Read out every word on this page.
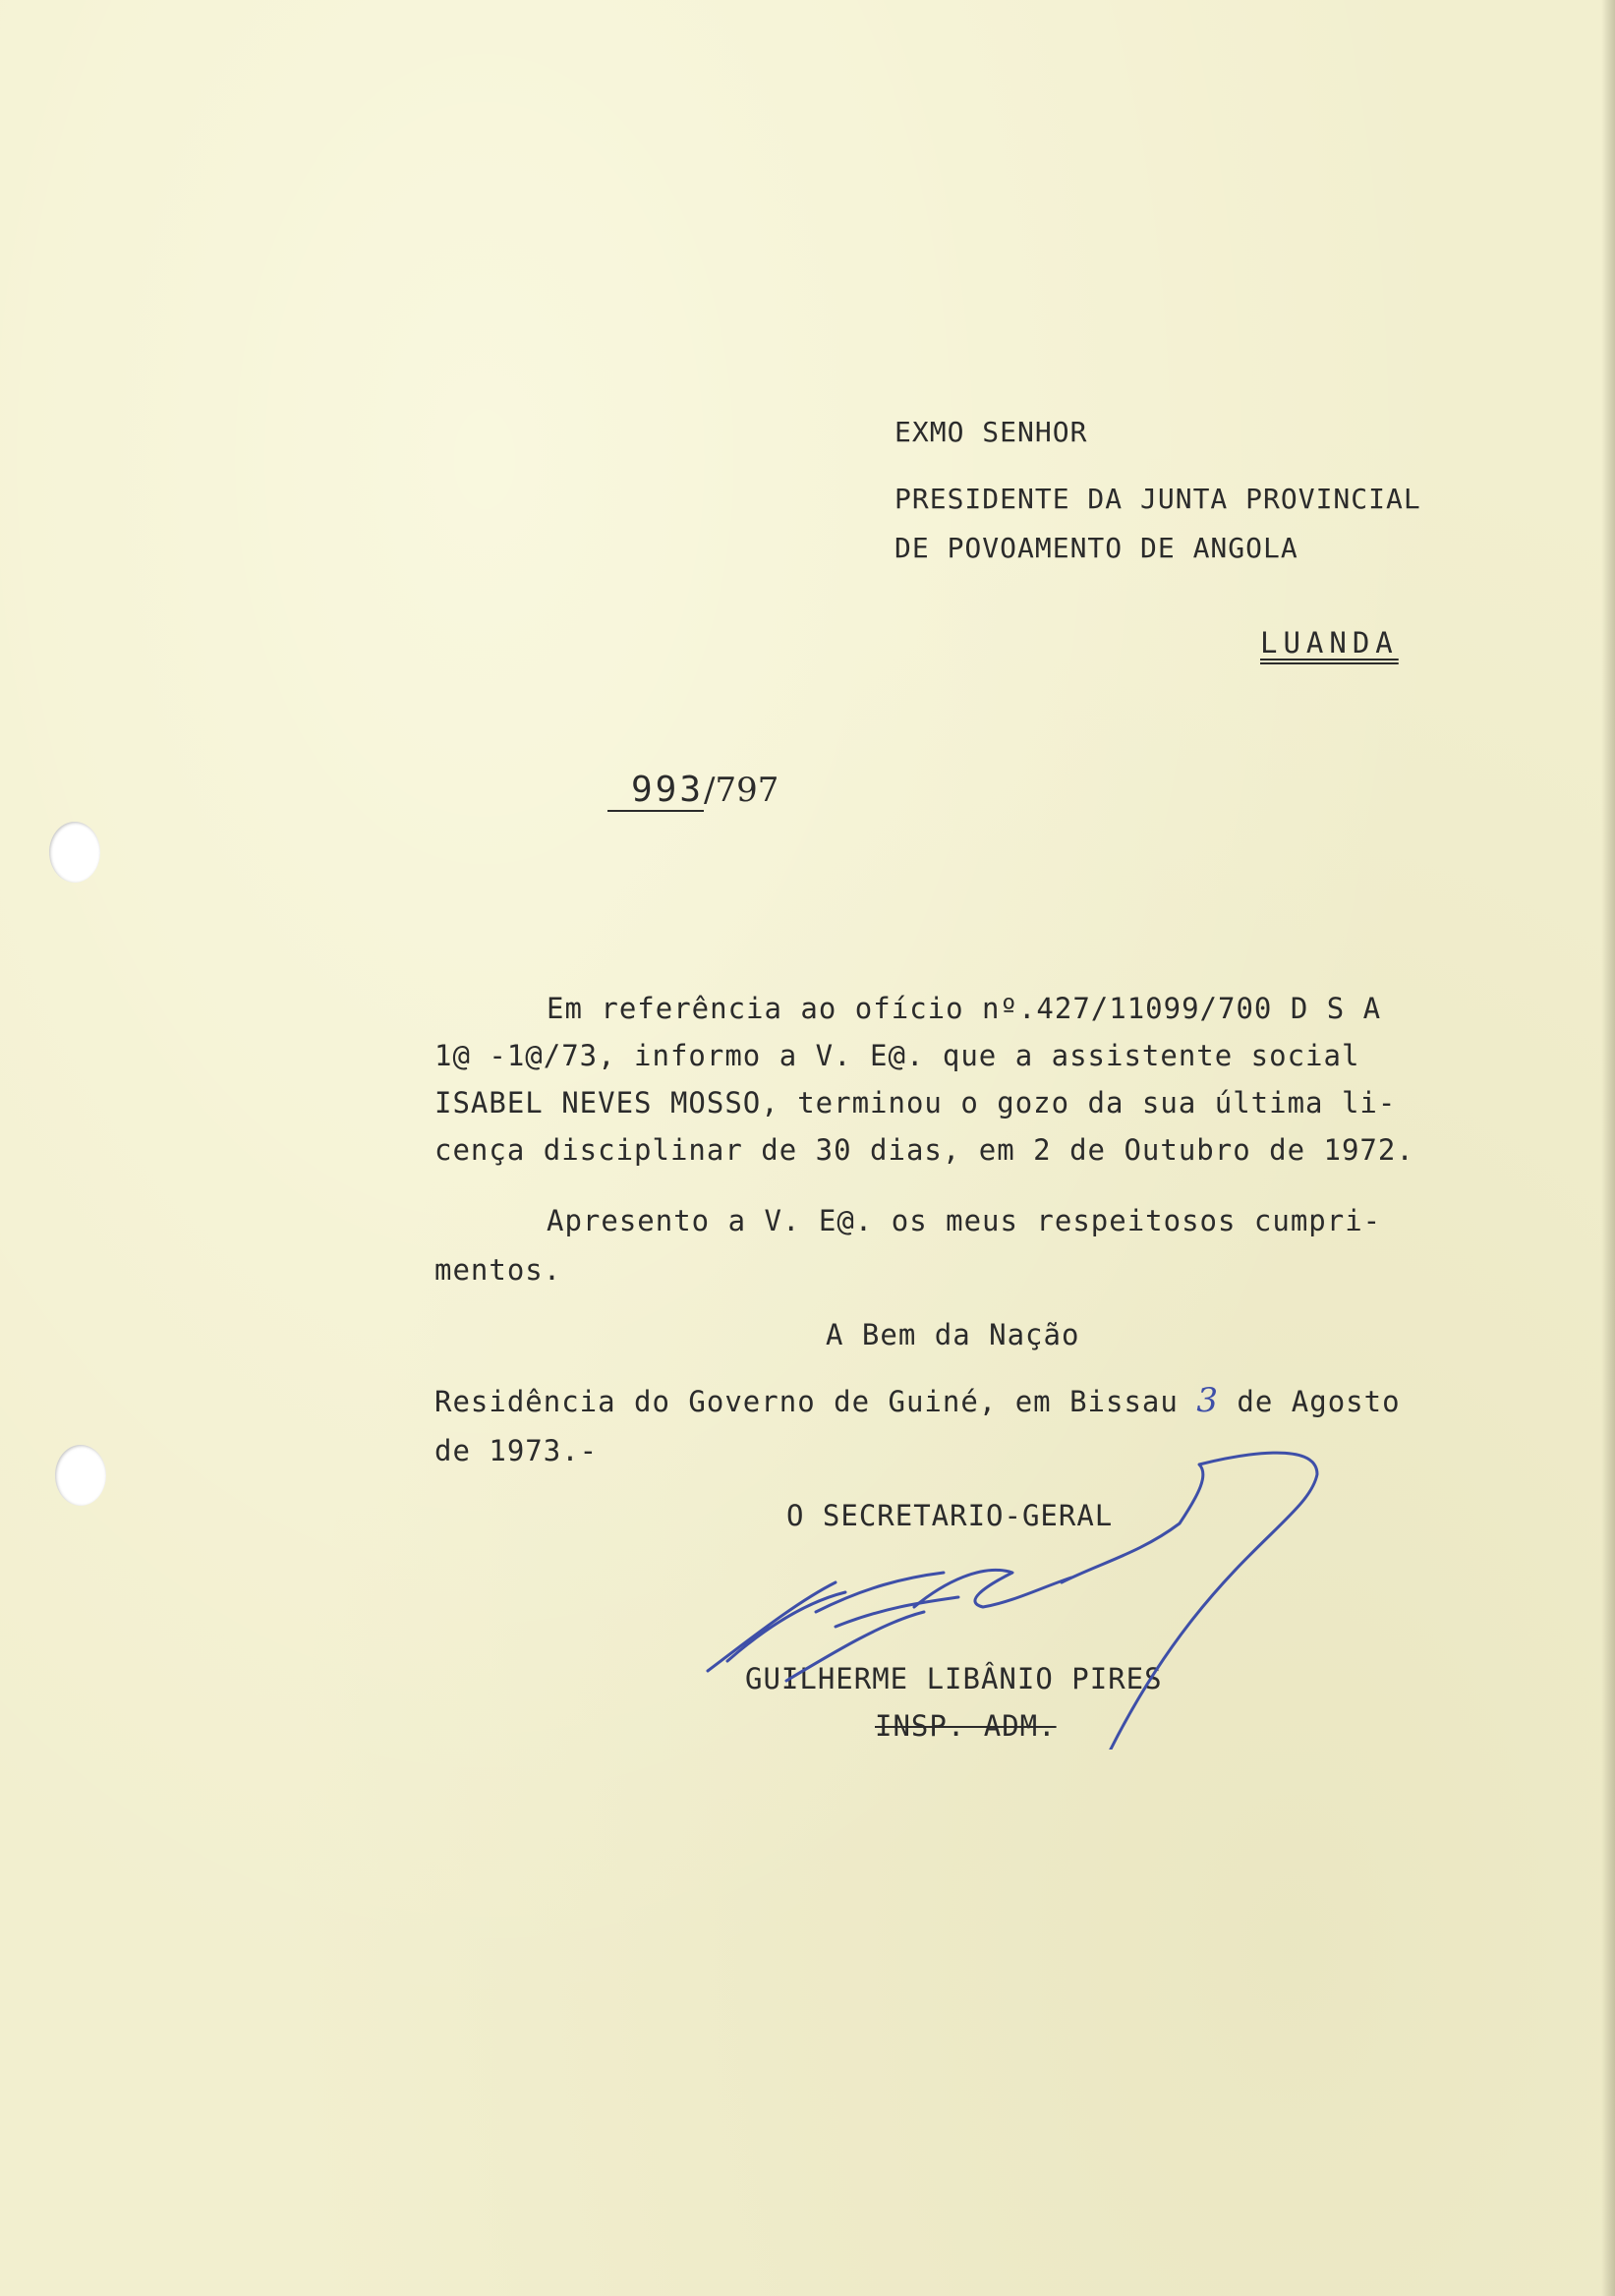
EXMO SENHOR
PRESIDENTE DA JUNTA PROVINCIAL
DE POVOAMENTO DE ANGOLA
LUANDA
993/797
Em referência ao ofício nº.427/11099/700 D S A
1@ -1@/73, informo a V. E@. que a assistente social
ISABEL NEVES MOSSO, terminou o gozo da sua última li-
cença disciplinar de 30 dias, em 2 de Outubro de 1972.
Apresento a V. E@. os meus respeitosos cumpri-
mentos.
A Bem da Nação
Residência do Governo de Guiné, em Bissau 3 de Agosto
de 1973.-
O SECRETARIO-GERAL
GUILHERME LIBÂNIO PIRES
INSP. ADM.
